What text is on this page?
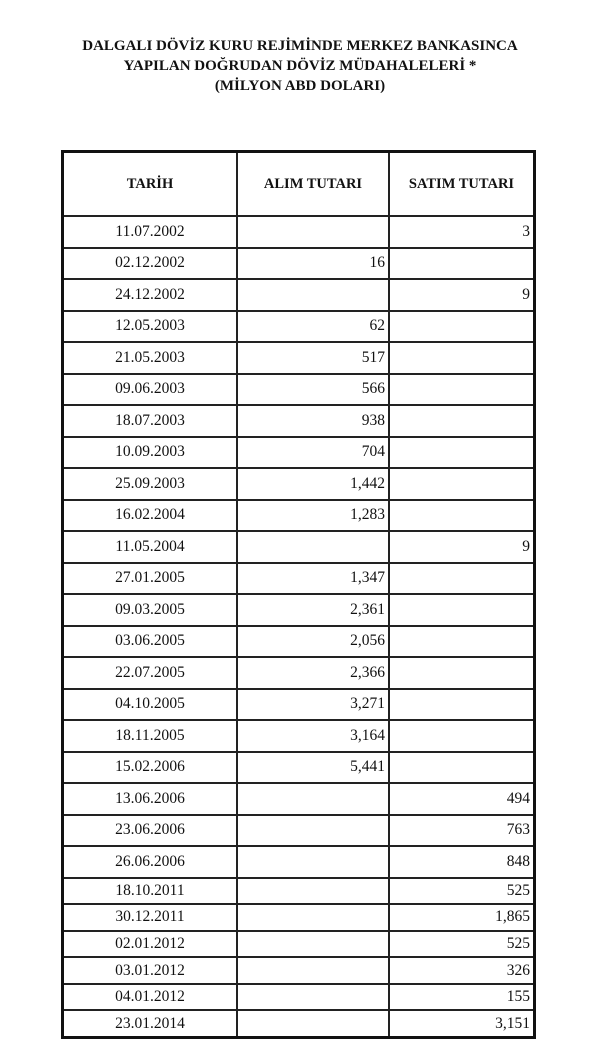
DALGALI DÖVİZ KURU REJİMİNDE MERKEZ BANKASINCA
YAPILAN DOĞRUDAN DÖVİZ MÜDAHALELERİ *
(MİLYON ABD DOLARI)
TARİH	ALIM TUTARI	SATIM TUTARI
11.07.2002		3
02.12.2002	16	
24.12.2002		9
12.05.2003	62	
21.05.2003	517	
09.06.2003	566	
18.07.2003	938	
10.09.2003	704	
25.09.2003	1,442	
16.02.2004	1,283	
11.05.2004		9
27.01.2005	1,347	
09.03.2005	2,361	
03.06.2005	2,056	
22.07.2005	2,366	
04.10.2005	3,271	
18.11.2005	3,164	
15.02.2006	5,441	
13.06.2006		494
23.06.2006		763
26.06.2006		848
18.10.2011		525
30.12.2011		1,865
02.01.2012		525
03.01.2012		326
04.01.2012		155
23.01.2014		3,151
